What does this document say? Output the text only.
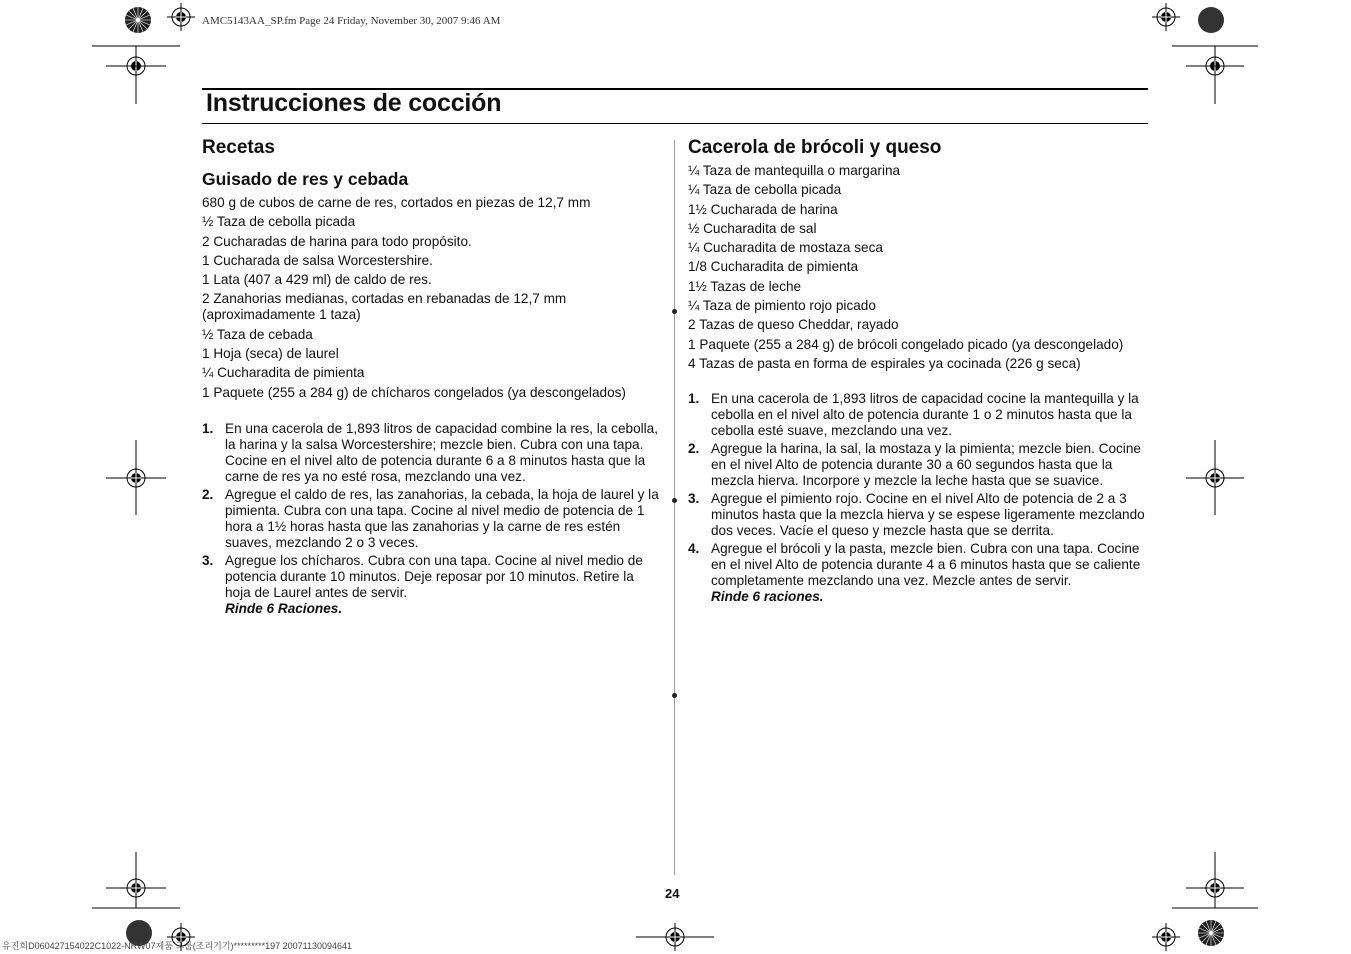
AMC5143AA_SP.fm Page 24 Friday, November 30, 2007 9:46 AM
Instrucciones de cocción
Recetas
Guisado de res y cebada
680 g de cubos de carne de res, cortados en piezas de 12,7 mm
½ Taza de cebolla picada
2 Cucharadas de harina para todo propósito.
1 Cucharada de salsa Worcestershire.
1 Lata (407 a 429 ml) de caldo de res.
2 Zanahorias medianas, cortadas en rebanadas de 12,7 mm (aproximadamente 1 taza)
½ Taza de cebada
1 Hoja (seca) de laurel
¼ Cucharadita de pimienta
1 Paquete (255 a 284 g) de chícharos congelados (ya descongelados)
1. En una cacerola de 1,893 litros de capacidad combine la res, la cebolla, la harina y la salsa Worcestershire; mezcle bien. Cubra con una tapa. Cocine en el nivel alto de potencia durante 6 a 8 minutos hasta que la carne de res ya no esté rosa, mezclando una vez.
2. Agregue el caldo de res, las zanahorias, la cebada, la hoja de laurel y la pimienta. Cubra con una tapa. Cocine al nivel medio de potencia de 1 hora a 1½ horas hasta que las zanahorias y la carne de res estén suaves, mezclando 2 o 3 veces.
3. Agregue los chícharos. Cubra con una tapa. Cocine al nivel medio de potencia durante 10 minutos. Deje reposar por 10 minutos. Retire la hoja de Laurel antes de servir.
Rinde 6 Raciones.
Cacerola de brócoli y queso
¼ Taza de mantequilla o margarina
¼ Taza de cebolla picada
1½ Cucharada de harina
½ Cucharadita de sal
¼ Cucharadita de mostaza seca
1/8 Cucharadita de pimienta
1½ Tazas de leche
¼ Taza de pimiento rojo picado
2 Tazas de queso Cheddar, rayado
1 Paquete (255 a 284 g) de brócoli congelado picado (ya descongelado)
4 Tazas de pasta en forma de espirales ya cocinada (226 g seca)
1. En una cacerola de 1,893 litros de capacidad cocine la mantequilla y la cebolla en el nivel alto de potencia durante 1 o 2 minutos hasta que la cebolla esté suave, mezclando una vez.
2. Agregue la harina, la sal, la mostaza y la pimienta; mezcle bien. Cocine en el nivel Alto de potencia durante 30 a 60 segundos hasta que la mezcla hierva. Incorpore y mezcle la leche hasta que se suavice.
3. Agregue el pimiento rojo. Cocine en el nivel Alto de potencia de 2 a 3 minutos hasta que la mezcla hierva y se espese ligeramente mezclando dos veces. Vacíe el queso y mezcle hasta que se derrita.
4. Agregue el brócoli y la pasta, mezcle bien. Cubra con una tapa. Cocine en el nivel Alto de potencia durante 4 a 6 minutos hasta que se caliente completamente mezclando una vez. Mezcle antes de servir.
Rinde 6 raciones.
24
유진희D060427154022C1022-NRW07제품 그룹(조리기기)*********197 20071130094641
